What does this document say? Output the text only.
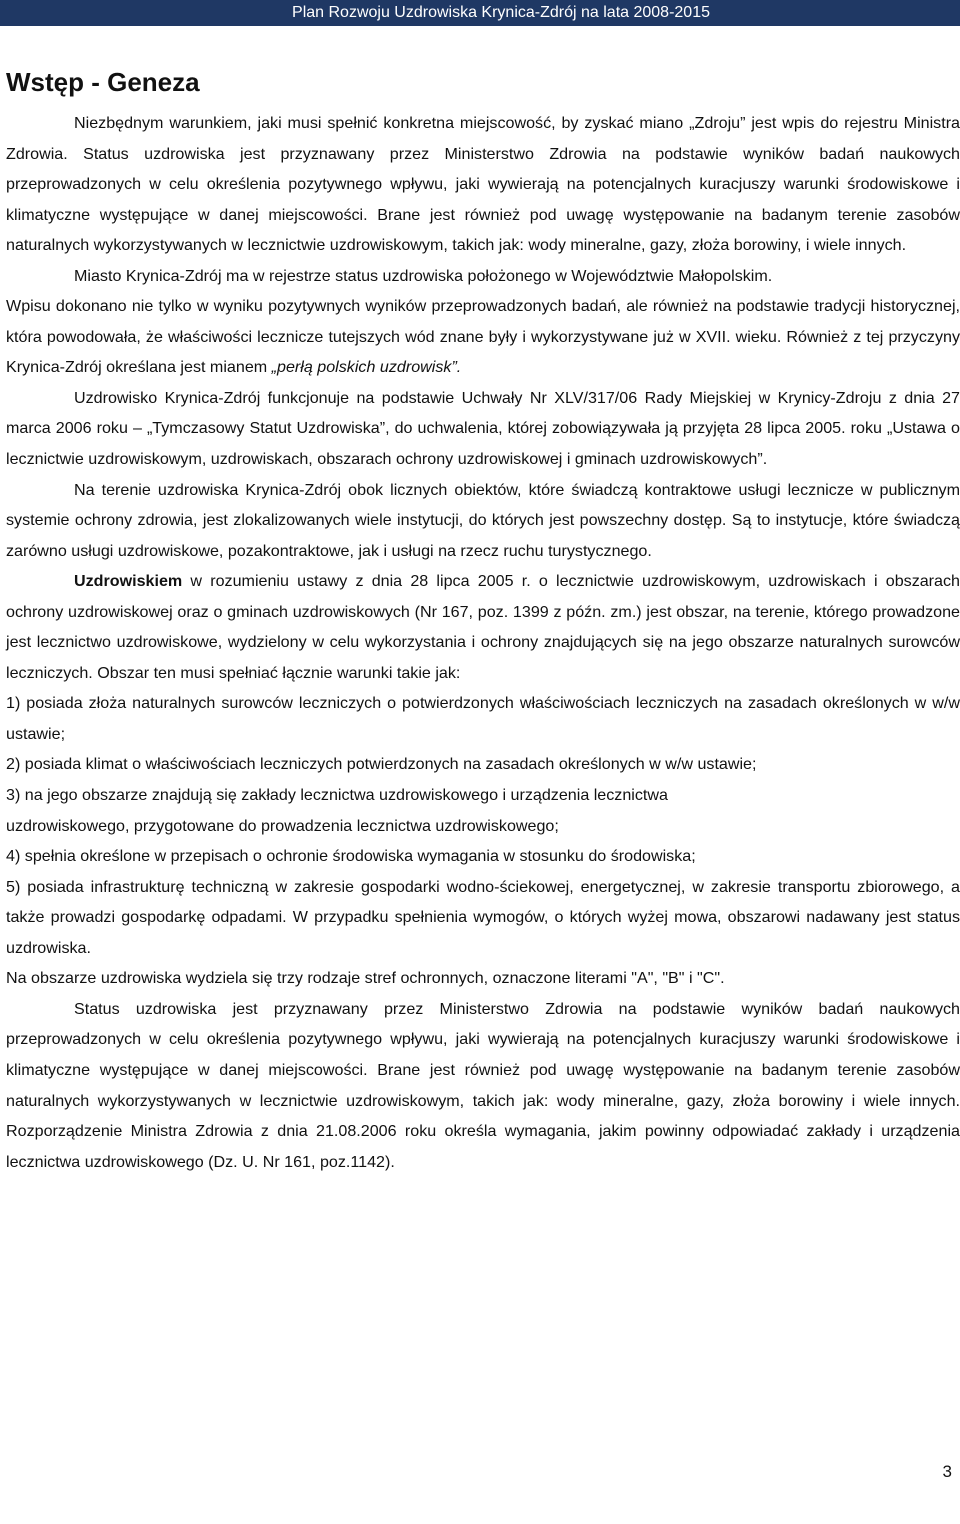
Plan Rozwoju Uzdrowiska Krynica-Zdrój na lata 2008-2015
Wstęp - Geneza

Niezbędnym warunkiem, jaki musi spełnić konkretna miejscowość, by zyskać miano „Zdroju” jest wpis do rejestru Ministra Zdrowia. Status uzdrowiska jest przyznawany przez Ministerstwo Zdrowia na podstawie wyników badań naukowych przeprowadzonych w celu określenia pozytywnego wpływu, jaki wywierają na potencjalnych kuracjuszy warunki środowiskowe i klimatyczne występujące w danej miejscowości. Brane jest również pod uwagę występowanie na badanym terenie zasobów naturalnych wykorzystywanych w lecznictwie uzdrowiskowym, takich jak: wody mineralne, gazy, złoża borowiny, i wiele innych.

Miasto Krynica-Zdrój ma w rejestrze status uzdrowiska położonego w Województwie Małopolskim.

Wpisu dokonano nie tylko w wyniku pozytywnych wyników przeprowadzonych badań, ale również na podstawie tradycji historycznej, która powodowała, że właściwości lecznicze tutejszych wód znane były i wykorzystywane już w XVII. wieku. Również z tej przyczyny Krynica-Zdrój określana jest mianem „perłą polskich uzdrowisk”.

Uzdrowisko Krynica-Zdrój funkcjonuje na podstawie Uchwały Nr XLV/317/06 Rady Miejskiej w Krynicy-Zdroju z dnia 27 marca 2006 roku – „Tymczasowy Statut Uzdrowiska”, do uchwalenia, której zobowiązywała ją przyjęta 28 lipca 2005. roku „Ustawa o lecznictwie uzdrowiskowym, uzdrowiskach, obszarach ochrony uzdrowiskowej i gminach uzdrowiskowych”.

Na terenie uzdrowiska Krynica-Zdrój obok licznych obiektów, które świadczą kontraktowe usługi lecznicze w publicznym systemie ochrony zdrowia, jest zlokalizowanych wiele instytucji, do których jest powszechny dostęp. Są to instytucje, które świadczą zarówno usługi uzdrowiskowe, pozakontraktowe, jak i usługi na rzecz ruchu turystycznego.

Uzdrowiskiem w rozumieniu ustawy z dnia 28 lipca 2005 r. o lecznictwie uzdrowiskowym, uzdrowiskach i obszarach ochrony uzdrowiskowej oraz o gminach uzdrowiskowych (Nr 167, poz. 1399 z późn. zm.) jest obszar, na terenie, którego prowadzone jest lecznictwo uzdrowiskowe, wydzielony w celu wykorzystania i ochrony znajdujących się na jego obszarze naturalnych surowców leczniczych. Obszar ten musi spełniać łącznie warunki takie jak:

1) posiada złoża naturalnych surowców leczniczych o potwierdzonych właściwościach leczniczych na zasadach określonych w w/w ustawie;

2) posiada klimat o właściwościach leczniczych potwierdzonych na zasadach określonych w w/w ustawie;

3) na jego obszarze znajdują się zakłady lecznictwa uzdrowiskowego i urządzenia lecznictwa

uzdrowiskowego, przygotowane do prowadzenia lecznictwa uzdrowiskowego;

4) spełnia określone w przepisach o ochronie środowiska wymagania w stosunku do środowiska;

5) posiada infrastrukturę techniczną w zakresie gospodarki wodno-ściekowej, energetycznej, w zakresie transportu zbiorowego, a także prowadzi gospodarkę odpadami. W przypadku spełnienia wymogów, o których wyżej mowa, obszarowi nadawany jest status uzdrowiska.

Na obszarze uzdrowiska wydziela się trzy rodzaje stref ochronnych, oznaczone literami "A", "B" i "C".

Status uzdrowiska jest przyznawany przez Ministerstwo Zdrowia na podstawie wyników badań naukowych przeprowadzonych w celu określenia pozytywnego wpływu, jaki wywierają na potencjalnych kuracjuszy warunki środowiskowe i klimatyczne występujące w danej miejscowości. Brane jest również pod uwagę występowanie na badanym terenie zasobów naturalnych wykorzystywanych w lecznictwie uzdrowiskowym, takich jak: wody mineralne, gazy, złoża borowiny i wiele innych. Rozporządzenie Ministra Zdrowia z dnia 21.08.2006 roku określa wymagania, jakim powinny odpowiadać zakłady i urządzenia lecznictwa uzdrowiskowego (Dz. U. Nr 161, poz.1142).

3
